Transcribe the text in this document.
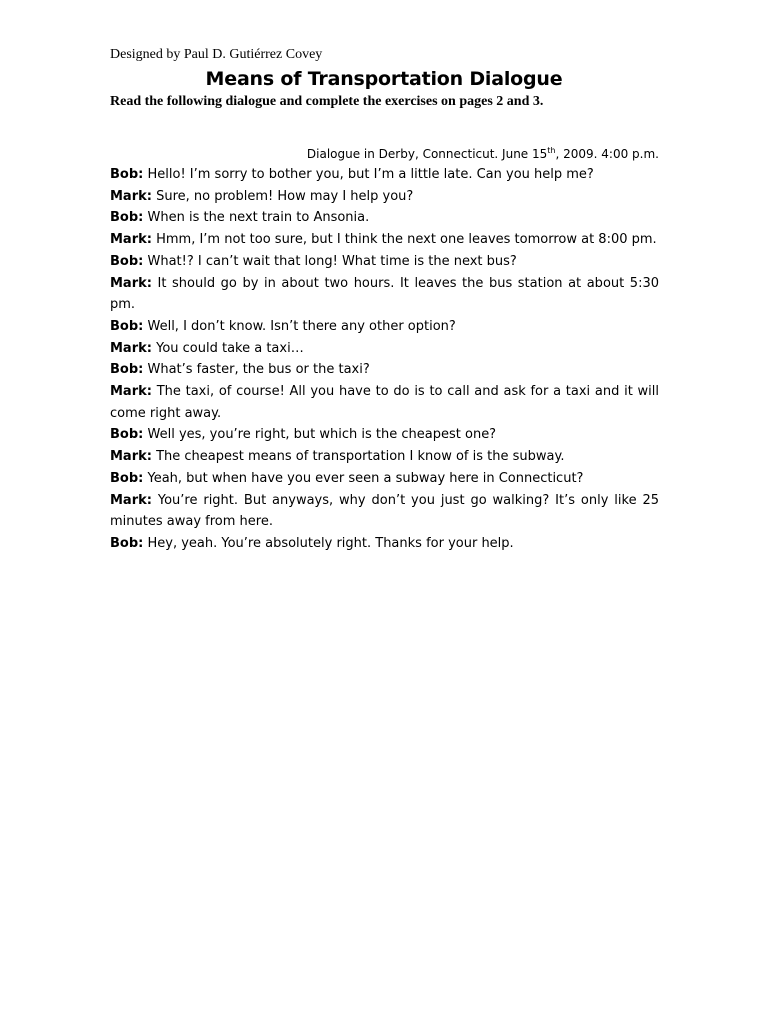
Designed by Paul D. Gutiérrez Covey
Means of Transportation Dialogue
Read the following dialogue and complete the exercises on pages 2 and 3.
Dialogue in Derby, Connecticut. June 15th, 2009. 4:00 p.m.
Bob: Hello! I’m sorry to bother you, but I’m a little late. Can you help me?
Mark: Sure, no problem! How may I help you?
Bob: When is the next train to Ansonia.
Mark: Hmm, I’m not too sure, but I think the next one leaves tomorrow at 8:00 pm.
Bob: What!? I can’t wait that long! What time is the next bus?
Mark: It should go by in about two hours. It leaves the bus station at about 5:30 pm.
Bob: Well, I don’t know. Isn’t there any other option?
Mark: You could take a taxi…
Bob: What’s faster, the bus or the taxi?
Mark: The taxi, of course! All you have to do is to call and ask for a taxi and it will come right away.
Bob: Well yes, you’re right, but which is the cheapest one?
Mark: The cheapest means of transportation I know of is the subway.
Bob: Yeah, but when have you ever seen a subway here in Connecticut?
Mark: You’re right. But anyways, why don’t you just go walking? It’s only like 25 minutes away from here.
Bob: Hey, yeah. You’re absolutely right. Thanks for your help.
